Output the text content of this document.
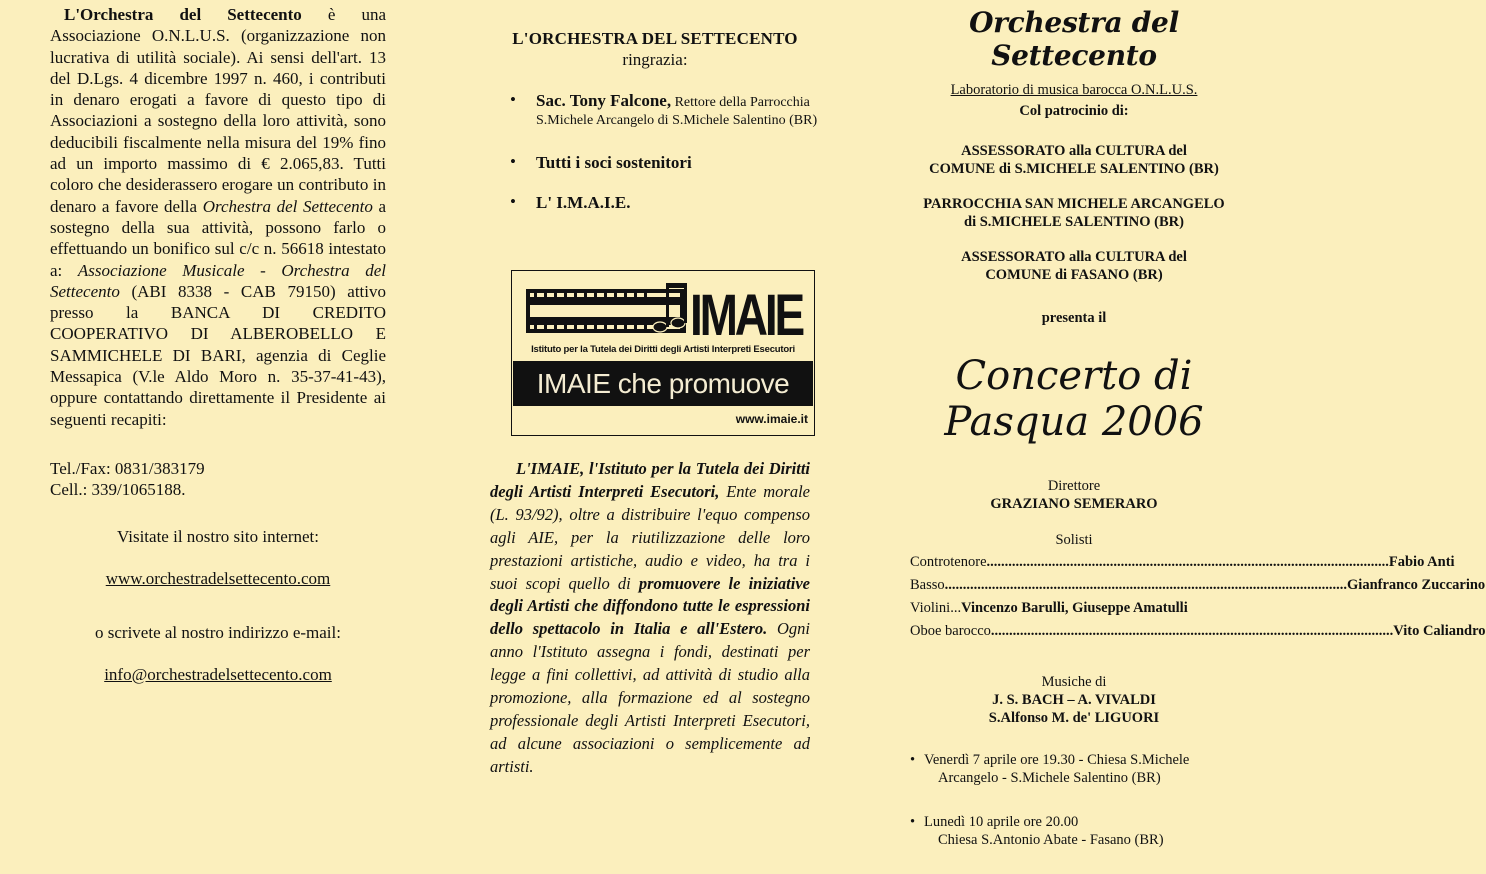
L'Orchestra del Settecento è una Associazione O.N.L.U.S. (organizzazione non lucrativa di utilità sociale). Ai sensi dell'art. 13 del D.Lgs. 4 dicembre 1997 n. 460, i contributi in denaro erogati a favore di questo tipo di Associazioni a sostegno della loro attività, sono deducibili fiscalmente nella misura del 19% fino ad un importo massimo di € 2.065,83. Tutti coloro che desiderassero erogare un contributo in denaro a favore della Orchestra del Settecento a sostegno della sua attività, possono farlo o effettuando un bonifico sul c/c n. 56618 intestato a: Associazione Musicale - Orchestra del Settecento (ABI 8338 - CAB 79150) attivo presso la BANCA DI CREDITO COOPERATIVO DI ALBEROBELLO E SAMMICHELE DI BARI, agenzia di Ceglie Messapica (V.le Aldo Moro n. 35-37-41-43), oppure contattando direttamente il Presidente ai seguenti recapiti:

Tel./Fax: 0831/383179
Cell.: 339/1065188.

Visitate il nostro sito internet:

www.orchestradelsettecento.com

o scrivete al nostro indirizzo e-mail:

info@orchestradelsettecento.com

L'ORCHESTRA DEL SETTECENTO

ringrazia:

• Sac. Tony Falcone, Rettore della Parrocchia S.Michele Arcangelo di S.Michele Salentino (BR)
• Tutti i soci sostenitori
• L' I.M.A.I.E.
IMAIE
Istituto per la Tutela dei Diritti degli Artisti Interpreti Esecutori
IMAIE che promuove
www.imaie.it

L'IMAIE, l'Istituto per la Tutela dei Diritti degli Artisti Interpreti Esecutori, Ente morale (L. 93/92), oltre a distribuire l'equo compenso agli AIE, per la riutilizzazione delle loro prestazioni artistiche, audio e video, ha tra i suoi scopi quello di promuovere le iniziative degli Artisti che diffondono tutte le espressioni dello spettacolo in Italia e all'Estero. Ogni anno l'Istituto assegna i fondi, destinati per legge a fini collettivi, ad attività di studio alla promozione, alla formazione ed al sostegno professionale degli Artisti Interpreti Esecutori, ad alcune associazioni o semplicemente ad artisti.

Orchestra del Settecento

Laboratorio di musica barocca O.N.L.U.S.

Col patrocinio di:

ASSESSORATO alla CULTURA del
COMUNE di S.MICHELE SALENTINO (BR)

PARROCCHIA SAN MICHELE ARCANGELO
di S.MICHELE SALENTINO (BR)

ASSESSORATO alla CULTURA del
COMUNE di FASANO (BR)

presenta il

Concerto di
Pasqua 2006

Direttore

GRAZIANO SEMERARO

Solisti

Controtenore .....	Fabio Anti
Basso .....	Gianfranco Zuccarino
Violini... Vincenzo Barulli, Giuseppe Amatulli
Oboe barocco .....	Vito Caliandro

Musiche di

J. S. BACH – A. VIVALDI

S.Alfonso M. de' LIGUORI

• Venerdì 7 aprile ore 19.30 - Chiesa S.Michele
Arcangelo - S.Michele Salentino (BR)
• Lunedì 10 aprile ore 20.00
Chiesa S.Antonio Abate - Fasano (BR)
